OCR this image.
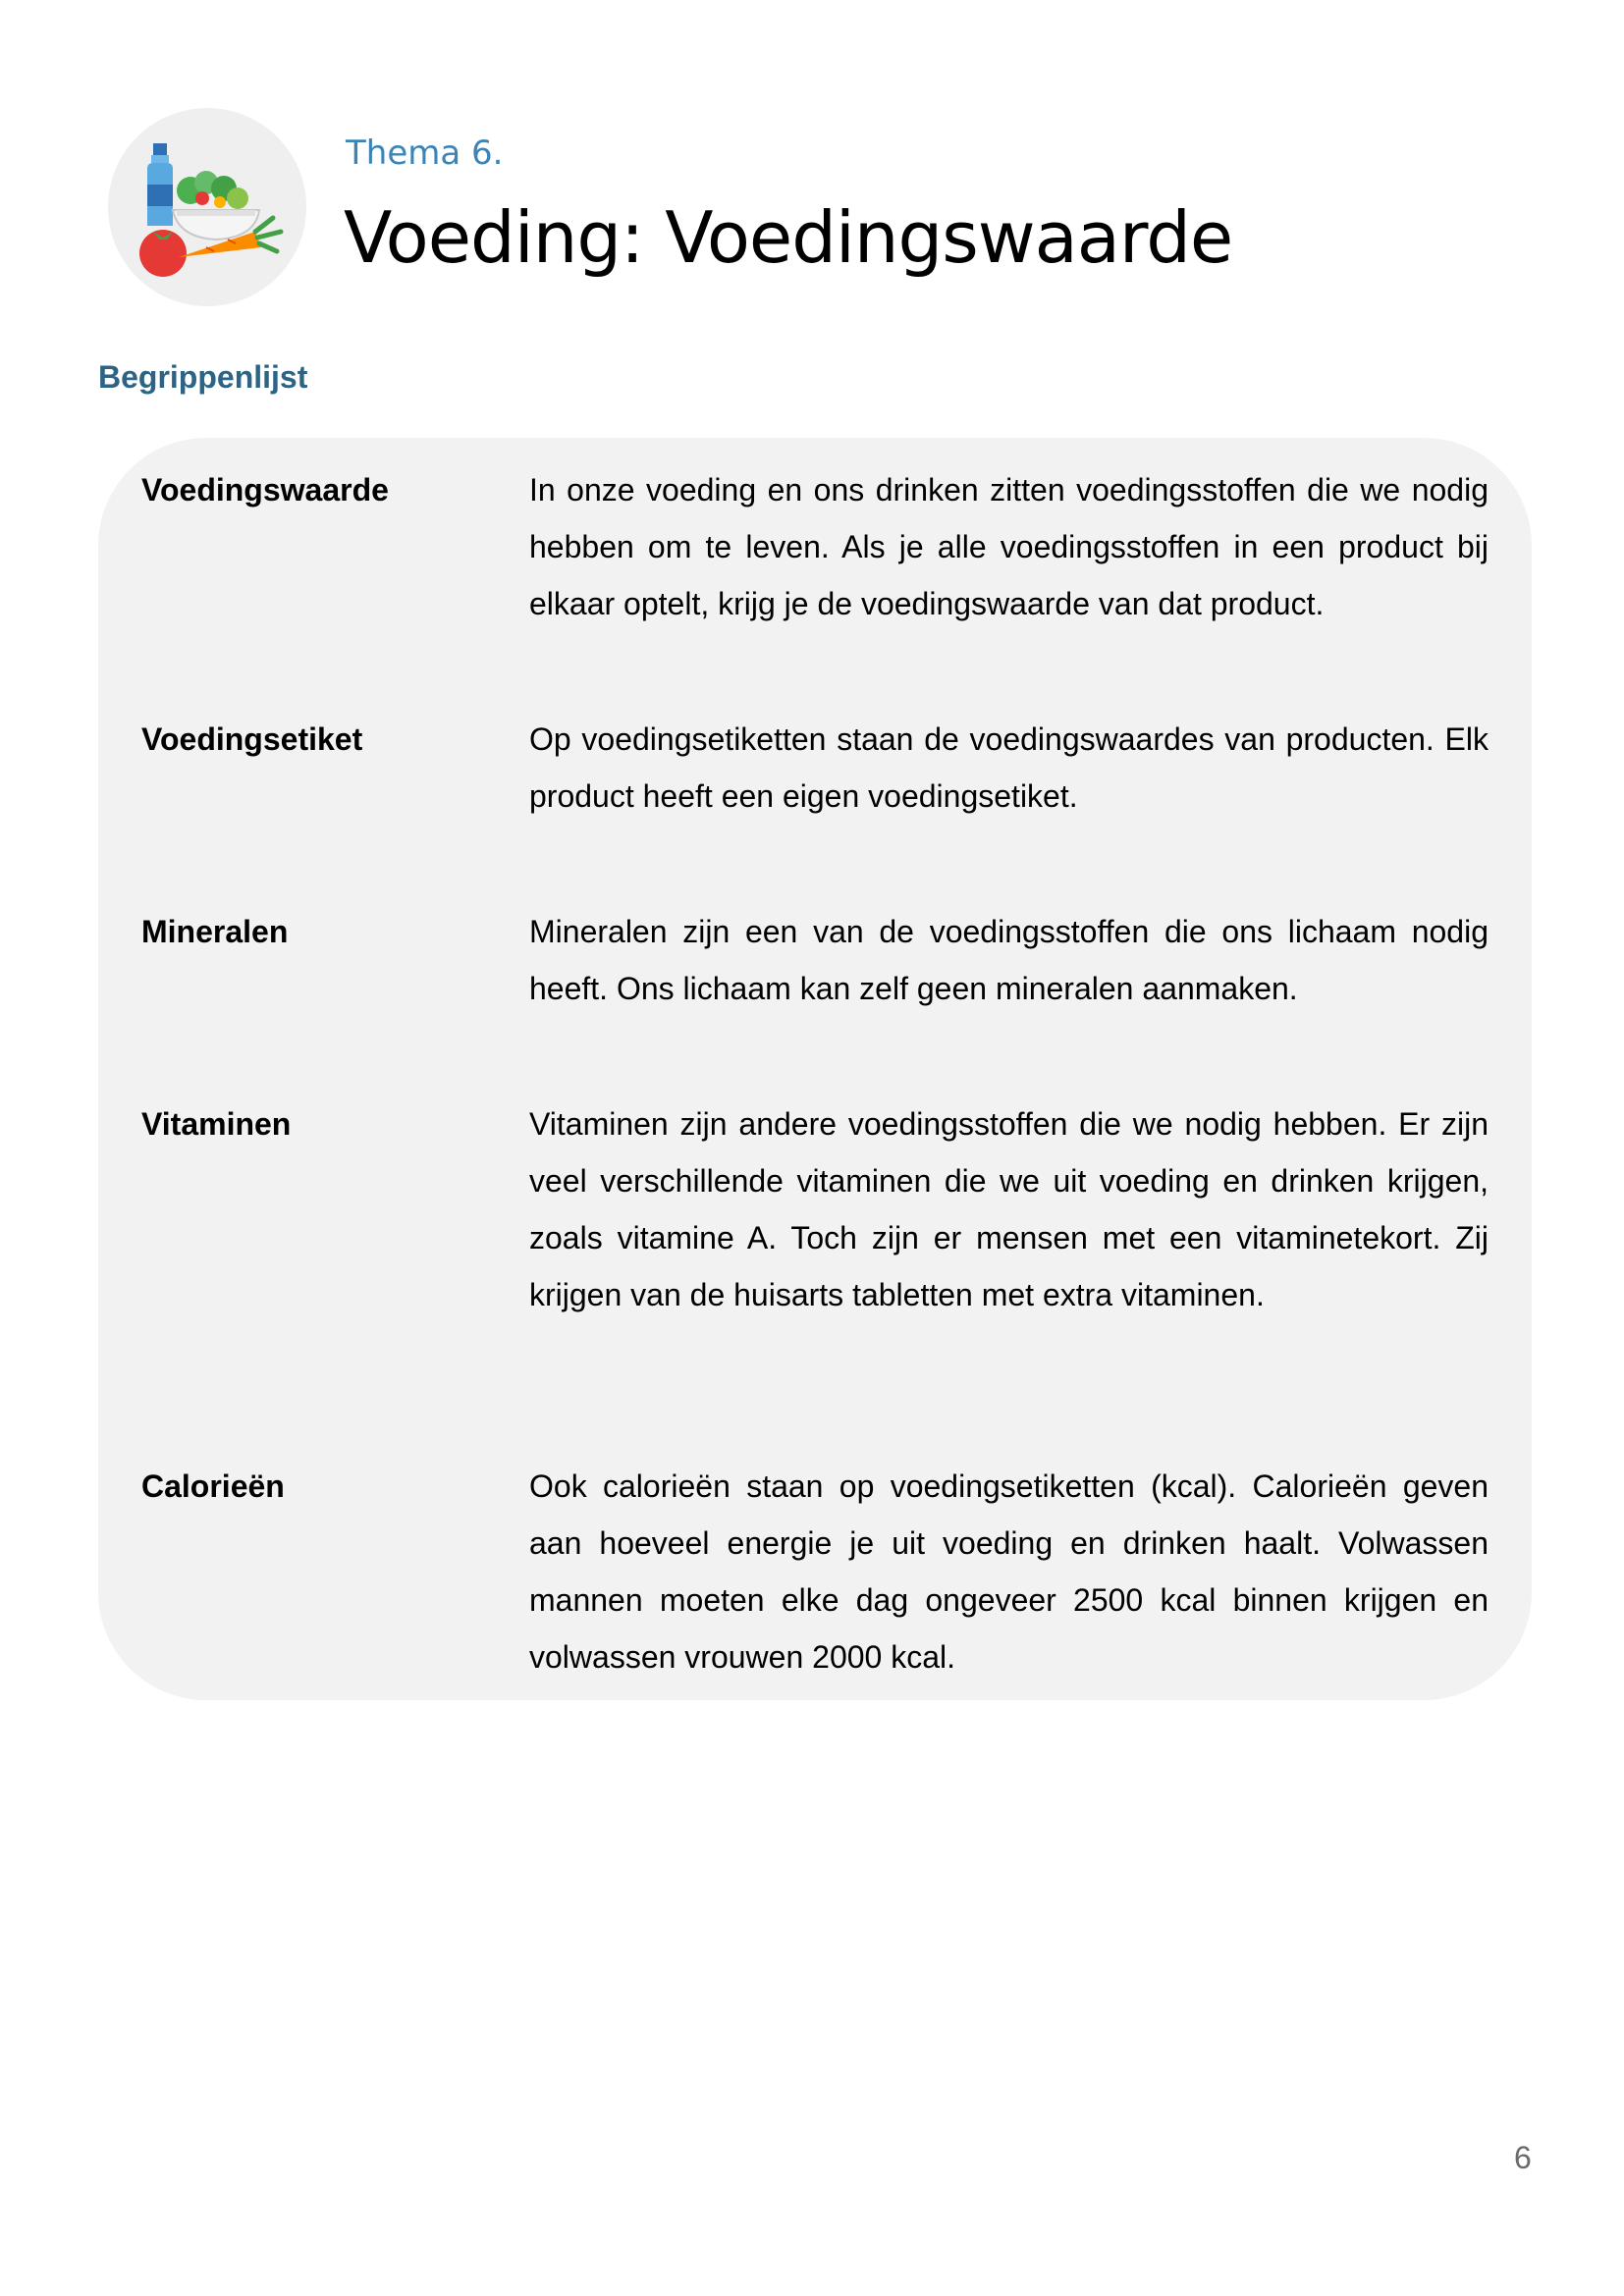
Thema 6.
Voeding: Voedingswaarde
Begrippenlijst
Voedingswaarde	In onze voeding en ons drinken zitten voedingsstoffen die we nodig hebben om te leven. Als je alle voedingsstoffen in een product bij elkaar optelt, krijg je de voedingswaarde van dat product.
Voedingsetiket	Op voedingsetiketten staan de voedingswaardes van producten. Elk product heeft een eigen voedingsetiket.
Mineralen	Mineralen zijn een van de voedingsstoffen die ons lichaam nodig heeft. Ons lichaam kan zelf geen mineralen aanmaken.
Vitaminen	Vitaminen zijn andere voedingsstoffen die we nodig hebben. Er zijn veel verschillende vitaminen die we uit voeding en drinken krijgen, zoals vitamine A. Toch zijn er mensen met een vitaminetekort. Zij krijgen van de huisarts tabletten met extra vitaminen.
Calorieën	Ook calorieën staan op voedingsetiketten (kcal). Calorieën geven aan hoeveel energie je uit voeding en drinken haalt. Volwassen mannen moeten elke dag ongeveer 2500 kcal binnen krijgen en volwassen vrouwen 2000 kcal.
6
